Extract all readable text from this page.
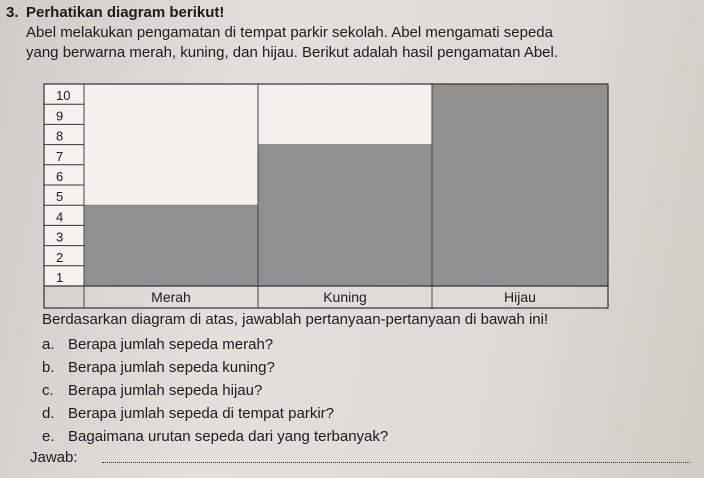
3. Perhatikan diagram berikut!
Abel melakukan pengamatan di tempat parkir sekolah. Abel mengamati sepeda
yang berwarna merah, kuning, dan hijau. Berikut adalah hasil pengamatan Abel.
10
9
8
7
6
5
4
3
2
1
Merah	Kuning	Hijau
Berdasarkan diagram di atas, jawablah pertanyaan-pertanyaan di bawah ini!
a. Berapa jumlah sepeda merah?
b. Berapa jumlah sepeda kuning?
c. Berapa jumlah sepeda hijau?
d. Berapa jumlah sepeda di tempat parkir?
e. Bagaimana urutan sepeda dari yang terbanyak?
Jawab:
